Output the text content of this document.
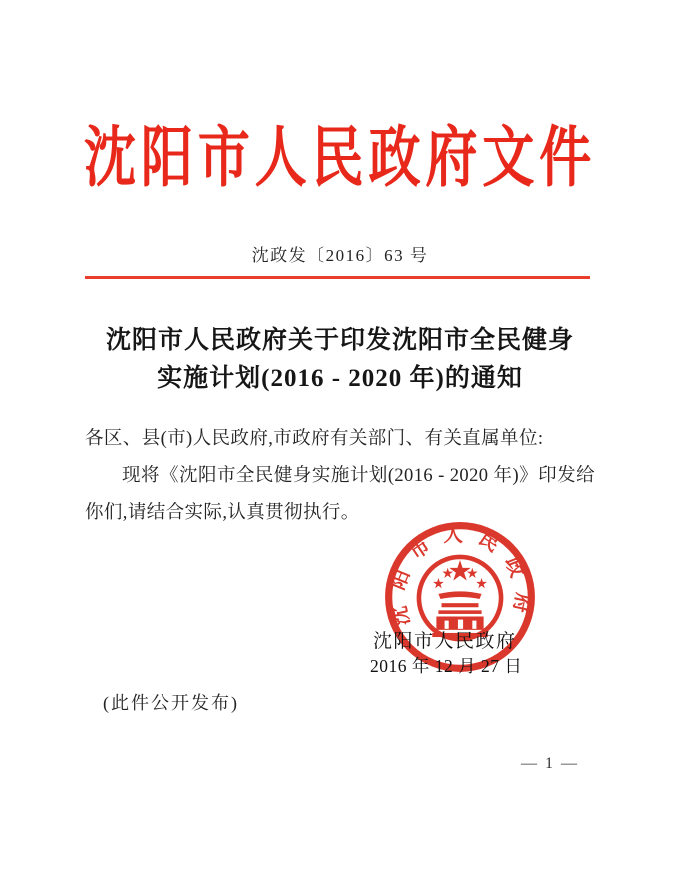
沈阳市人民政府文件
沈政发〔2016〕63 号
沈阳市人民政府关于印发沈阳市全民健身
实施计划(2016 - 2020 年)的通知

各区、县(市)人民政府,市政府有关部门、有关直属单位:

现将《沈阳市全民健身实施计划(2016 - 2020 年)》印发给你们,请结合实际,认真贯彻执行。

沈阳市人民政府
沈阳市人民政府
2016 年 12 月 27 日
(此件公开发布)
— 1 —
